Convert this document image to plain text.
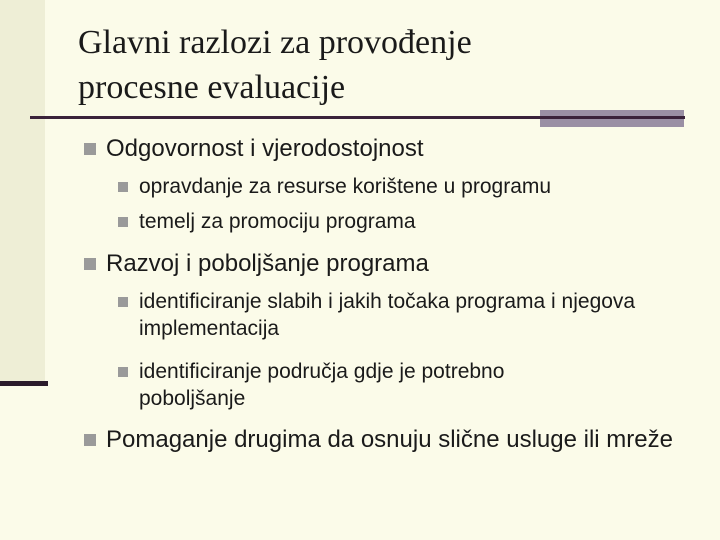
Glavni razlozi za provođenje
procesne evaluacije

Odgovornost i vjerodostojnost

opravdanje za resurse korištene u programu

temelj za promociju programa

Razvoj i poboljšanje programa

identificiranje slabih i jakih točaka programa i njegova implementacija

identificiranje područja gdje je potrebno poboljšanje

Pomaganje drugima da osnuju slične usluge ili mreže
